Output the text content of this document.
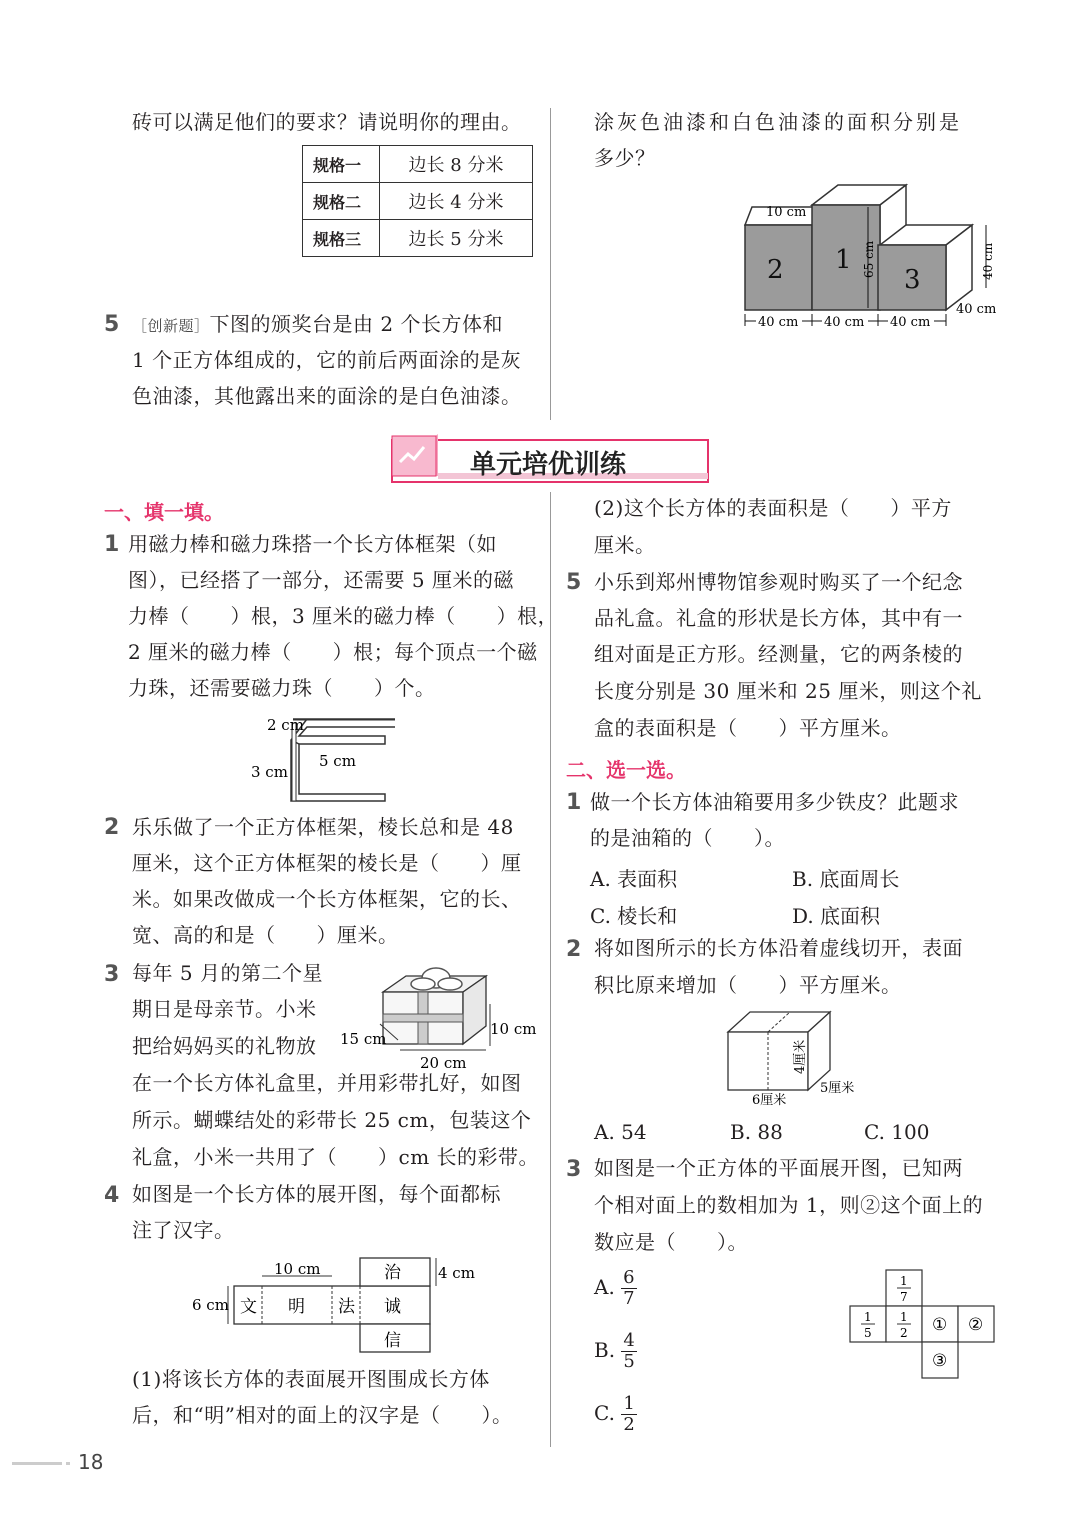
18
砖可以满足他们的要求？请说明你的理由。
规格一	边长 8 分米
规格二	边长 4 分米
规格三	边长 5 分米
5 ［创新题］下图的颁奖台是由 2 个长方体和
1 个正方体组成的，它的前后两面涂的是灰
色油漆，其他露出来的面涂的是白色油漆。
涂灰色油漆和白色油漆的面积分别是
多少？
2 1
3
65 cm
10 cm
40 cm
40 cm
40 cm 40 cm 40 cm
单元培优训练
一、填一填。
1 用磁力棒和磁力珠搭一个长方体框架（如
图），已经搭了一部分，还需要 5 厘米的磁
力棒（　　）根，3 厘米的磁力棒（　　）根，
2 厘米的磁力棒（　　）根；每个顶点一个磁
力珠，还需要磁力珠（　　）个。
2 cm
5 cm
3 cm
2 乐乐做了一个正方体框架，棱长总和是 48
厘米，这个正方体框架的棱长是（　　）厘
米。如果改做成一个长方体框架，它的长、
宽、高的和是（　　）厘米。
3 每年 5 月的第二个星
期日是母亲节。小米
把给妈妈买的礼物放
在一个长方体礼盒里，并用彩带扎好，如图
所示。蝴蝶结处的彩带长 25 cm，包装这个
礼盒，小米一共用了（　　）cm 长的彩带。
10 cm
15 cm
20 cm
4 如图是一个长方体的展开图，每个面都标
注了汉字。
10 cm
6 cm
4 cm
文 明 法 诚
治
信
(1)将该长方体的表面展开图围成长方体
后，和“明”相对的面上的汉字是（　　）。
(2)这个长方体的表面积是（　　）平方
厘米。
5 小乐到郑州博物馆参观时购买了一个纪念
品礼盒。礼盒的形状是长方体，其中有一
组对面是正方形。经测量，它的两条棱的
长度分别是 30 厘米和 25 厘米，则这个礼
盒的表面积是（　　）平方厘米。
二、选一选。
1 做一个长方体油箱要用多少铁皮？此题求
的是油箱的（　　）。
A. 表面积	B. 底面周长
C. 棱长和	D. 底面积
2 将如图所示的长方体沿着虚线切开，表面
积比原来增加（　　）平方厘米。
4厘米
6厘米
5厘米
A. 54	B. 88	C. 100
3 如图是一个正方体的平面展开图，已知两
个相对面上的数相加为 1，则②这个面上的
数应是（　　）。
A. $\frac{6}{7}$
B. $\frac{4}{5}$
C. $\frac{1}{2}$
1
7
1
5
1
2 ① ②
③
